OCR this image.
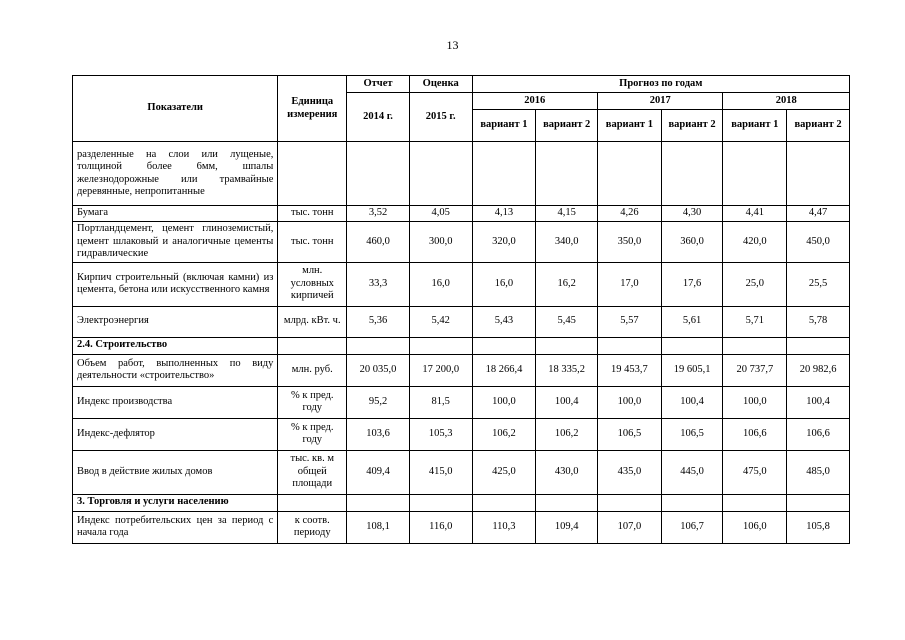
13
Показатели	Единица измерения	Отчет	Оценка	Прогноз по годам					
		2014 г.	2015 г.	2016		2017		2018	
				вариант 1	вариант 2	вариант 1	вариант 2	вариант 1	вариант 2
разделенные на слои или лущеные, толщиной более 6мм, шпалы железнодорожные или трамвайные деревянные, непропитанные									
Бумага	тыс. тонн	3,52	4,05	4,13	4,15	4,26	4,30	4,41	4,47
Портландцемент, цемент глиноземистый, цемент шлаковый и аналогичные цементы гидравлические	тыс. тонн	460,0	300,0	320,0	340,0	350,0	360,0	420,0	450,0
Кирпич строительный (включая камни) из цемента, бетона или искусственного камня	млн. условных кирпичей	33,3	16,0	16,0	16,2	17,0	17,6	25,0	25,5
Электроэнергия	млрд. кВт. ч.	5,36	5,42	5,43	5,45	5,57	5,61	5,71	5,78
2.4. Строительство									
Объем работ, выполненных по виду деятельности «строительство»	млн. руб.	20 035,0	17 200,0	18 266,4	18 335,2	19 453,7	19 605,1	20 737,7	20 982,6
Индекс производства	% к пред. году	95,2	81,5	100,0	100,4	100,0	100,4	100,0	100,4
Индекс-дефлятор	% к пред. году	103,6	105,3	106,2	106,2	106,5	106,5	106,6	106,6
Ввод в действие жилых домов	тыс. кв. м общей площади	409,4	415,0	425,0	430,0	435,0	445,0	475,0	485,0
3. Торговля и услуги населению									
Индекс потребительских цен за период с начала года	к соотв. периоду	108,1	116,0	110,3	109,4	107,0	106,7	106,0	105,8
